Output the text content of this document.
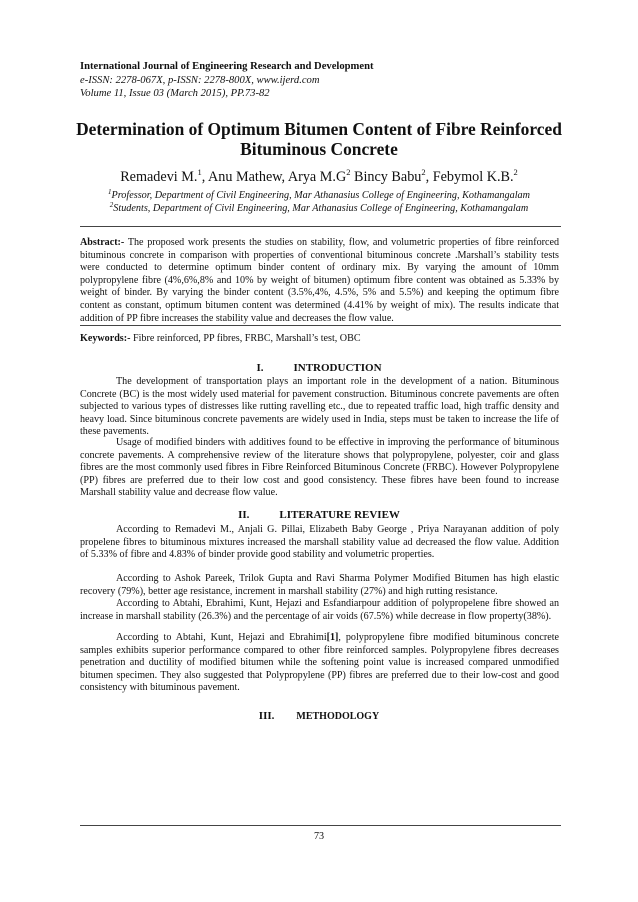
International Journal of Engineering Research and Development
e-ISSN: 2278-067X, p-ISSN: 2278-800X, www.ijerd.com
Volume 11, Issue 03 (March 2015), PP.73-82
Determination of Optimum Bitumen Content of Fibre Reinforced
Bituminous Concrete
Remadevi M.$^1$, Anu Mathew, Arya $M.G^2$ Bincy Babu$^2$, Febymol K.B.$^2$
$^1$Professor, Department of Civil Engineering, Mar Athanasius College of Engineering, Kothamangalam
$^2$Students, Department of Civil Engineering, Mar Athanasius College of Engineering, Kothamangalam
Abstract:- The proposed work presents the studies on stability, flow, and volumetric properties of fibre reinforced bituminous concrete in comparison with properties of conventional bituminous concrete .Marshall’s stability tests were conducted to determine optimum binder content of ordinary mix. By varying the amount of 10mm polypropylene fibre (4%,6%,8% and 10% by weight of bitumen) optimum fibre content was obtained as 5.33% by weight of binder. By varying the binder content (3.5%,4%, 4.5%, 5% and 5.5%) and keeping the optimum fibre content as constant, optimum bitumen content was determined (4.41% by weight of mix). The results indicate that addition of PP fibre increases the stability value and decreases the flow value.
Keywords:- Fibre reinforced, PP fibres, FRBC, Marshall’s test, OBC
I.	INTRODUCTION
The development of transportation plays an important role in the development of a nation. Bituminous Concrete (BC) is the most widely used material for pavement construction. Bituminous concrete pavements are often subjected to various types of distresses like rutting ravelling etc., due to repeated traffic load, high traffic density and heavy load. Since bituminous concrete pavements are widely used in India, steps must be taken to increase the life of these pavements.
Usage of modified binders with additives found to be effective in improving the performance of bituminous concrete pavements. A comprehensive review of the literature shows that polypropylene, polyester, coir and glass fibres are the most commonly used fibres in Fibre Reinforced Bituminous Concrete (FRBC). However Polypropylene (PP) fibres are preferred due to their low cost and good consistency. These fibres have been found to increase Marshall stability value and decrease flow value.
II.	LITERATURE REVIEW
According to Remadevi M., Anjali G. Pillai, Elizabeth Baby George , Priya Narayanan addition of poly propelene fibres to bituminous mixtures increased the marshall stability value ad decreased the flow value. Addition of 5.33% of fibre and 4.83% of binder provide good stability and volumetric properties.
According to Ashok Pareek, Trilok Gupta and Ravi Sharma Polymer Modified Bitumen has high elastic recovery (79%), better age resistance, increment in marshall stability (27%) and high rutting resistance.
According to Abtahi, Ebrahimi, Kunt, Hejazi and Esfandiarpour addition of polypropelene fibre showed an increase in marshall stability (26.3%) and the percentage of air voids (67.5%) while decrease in flow property(38%).
According to Abtahi, Kunt, Hejazi and Ebrahimi[1], polypropylene fibre modified bituminous concrete samples exhibits superior performance compared to other fibre reinforced samples. Polypropylene fibres decreases penetration and ductility of modified bitumen while the softening point value is increased compared unmodified bitumen specimen. They also suggested that Polypropylene (PP) fibres are preferred due to their low-cost and good consistency with bituminous pavement.
III. METHODOLOGY
73
